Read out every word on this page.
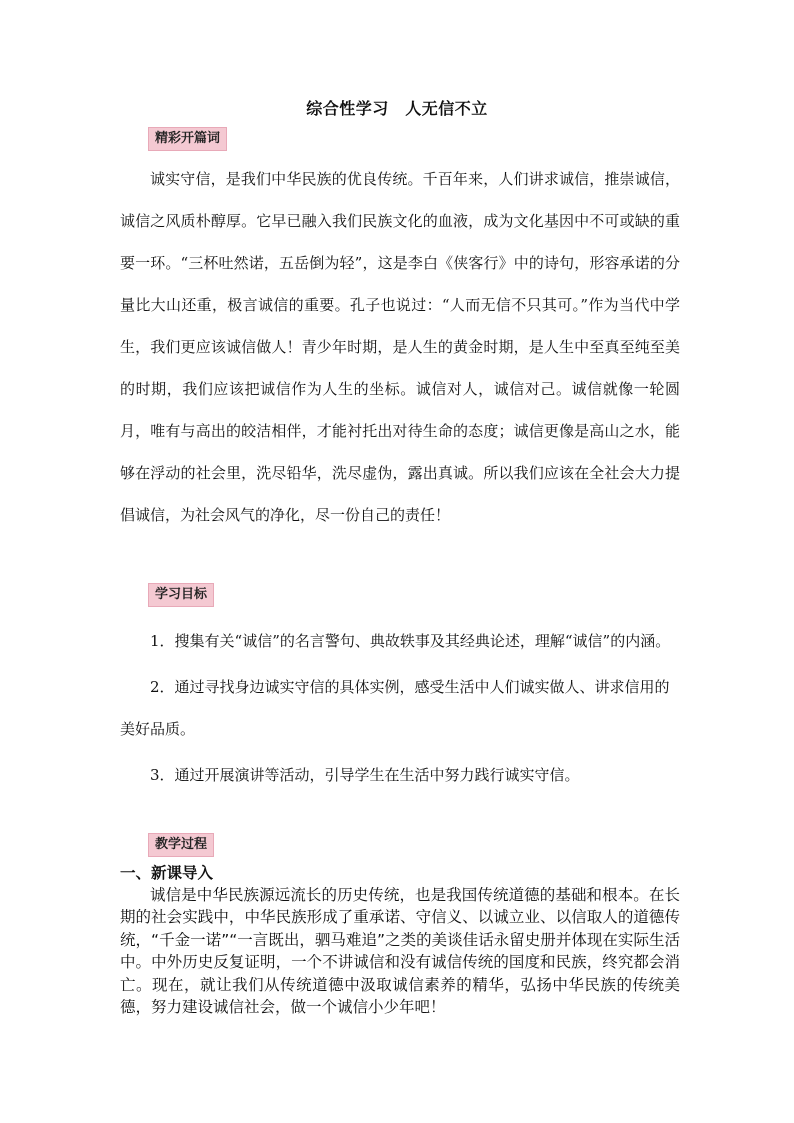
综合性学习　人无信不立
精彩开篇词

诚实守信，是我们中华民族的优良传统。千百年来，人们讲求诚信，推崇诚信，诚信之风质朴醇厚。它早已融入我们民族文化的血液，成为文化基因中不可或缺的重要一环。“三杯吐然诺，五岳倒为轻”，这是李白《侠客行》中的诗句，形容承诺的分量比大山还重，极言诚信的重要。孔子也说过：“人而无信不只其可。”作为当代中学生，我们更应该诚信做人！青少年时期，是人生的黄金时期，是人生中至真至纯至美的时期，我们应该把诚信作为人生的坐标。诚信对人，诚信对己。诚信就像一轮圆月，唯有与高出的皎洁相伴，才能衬托出对待生命的态度；诚信更像是高山之水，能够在浮动的社会里，洗尽铅华，洗尽虚伪，露出真诚。所以我们应该在全社会大力提倡诚信，为社会风气的净化，尽一份自己的责任！

学习目标

1．搜集有关“诚信”的名言警句、典故轶事及其经典论述，理解“诚信”的内涵。

2．通过寻找身边诚实守信的具体实例，感受生活中人们诚实做人、讲求信用的美好品质。

3．通过开展演讲等活动，引导学生在生活中努力践行诚实守信。

教学过程

一、新课导入

诚信是中华民族源远流长的历史传统，也是我国传统道德的基础和根本。在长期的社会实践中，中华民族形成了重承诺、守信义、以诚立业、以信取人的道德传统，“千金一诺”“一言既出，驷马难追”之类的美谈佳话永留史册并体现在实际生活中。中外历史反复证明，一个不讲诚信和没有诚信传统的国度和民族，终究都会消亡。现在，就让我们从传统道德中汲取诚信素养的精华，弘扬中华民族的传统美德，努力建设诚信社会，做一个诚信小少年吧！
